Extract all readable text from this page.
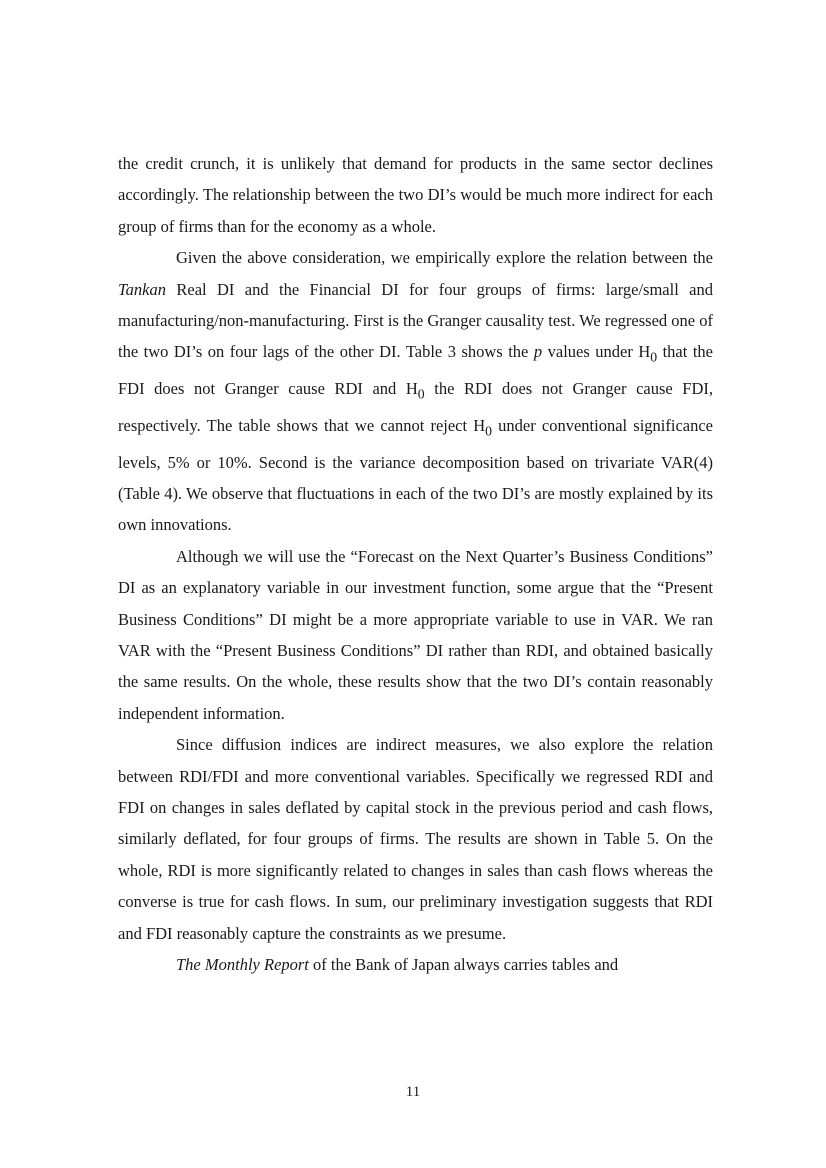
the credit crunch, it is unlikely that demand for products in the same sector declines accordingly. The relationship between the two DI’s would be much more indirect for each group of firms than for the economy as a whole.

Given the above consideration, we empirically explore the relation between the Tankan Real DI and the Financial DI for four groups of firms: large/small and manufacturing/non-manufacturing. First is the Granger causality test. We regressed one of the two DI’s on four lags of the other DI. Table 3 shows the p values under $H_0$ that the FDI does not Granger cause RDI and $H_0$ the RDI does not Granger cause FDI, respectively. The table shows that we cannot reject $H_0$ under conventional significance levels, 5% or 10%. Second is the variance decomposition based on trivariate VAR(4) (Table 4). We observe that fluctuations in each of the two DI’s are mostly explained by its own innovations.

Although we will use the “Forecast on the Next Quarter’s Business Conditions” DI as an explanatory variable in our investment function, some argue that the “Present Business Conditions” DI might be a more appropriate variable to use in VAR. We ran VAR with the “Present Business Conditions” DI rather than RDI, and obtained basically the same results. On the whole, these results show that the two DI’s contain reasonably independent information.

Since diffusion indices are indirect measures, we also explore the relation between RDI/FDI and more conventional variables. Specifically we regressed RDI and FDI on changes in sales deflated by capital stock in the previous period and cash flows, similarly deflated, for four groups of firms. The results are shown in Table 5. On the whole, RDI is more significantly related to changes in sales than cash flows whereas the converse is true for cash flows. In sum, our preliminary investigation suggests that RDI and FDI reasonably capture the constraints as we presume.

The Monthly Report of the Bank of Japan always carries tables and

11
